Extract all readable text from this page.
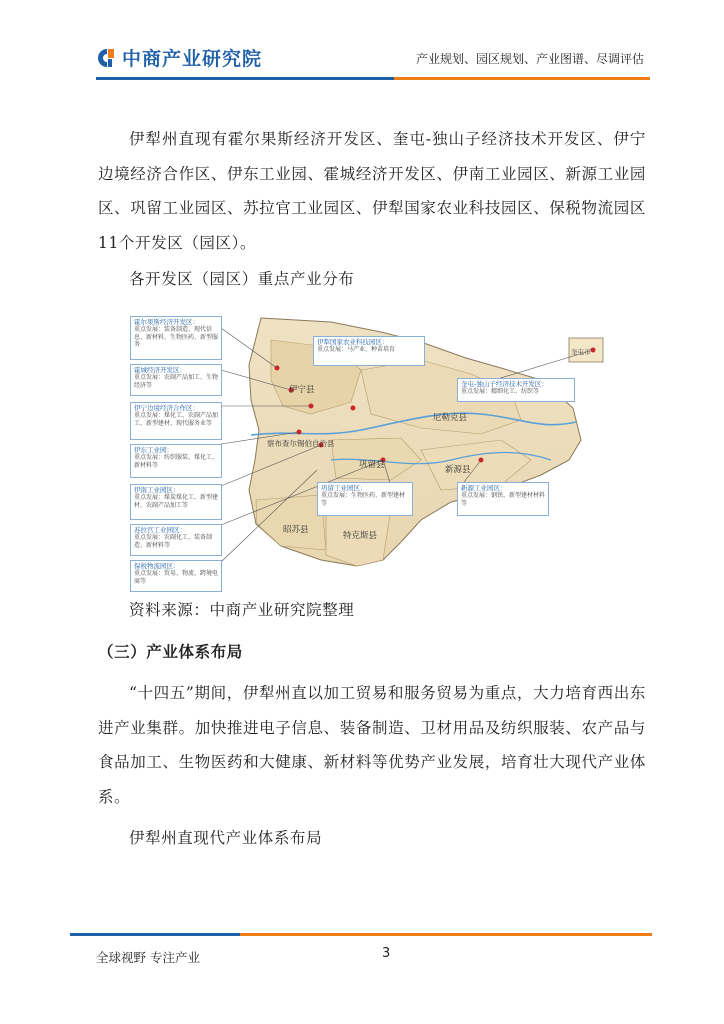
中商产业研究院	产业规划、园区规划、产业图谱、尽调评估

伊犁州直现有霍尔果斯经济开发区、奎屯-独山子经济技术开发区、伊宁边境经济合作区、伊东工业园、霍城经济开发区、伊南工业园区、新源工业园区、巩留工业园区、苏拉官工业园区、伊犁国家农业科技园区、保税物流园区11个开发区（园区）。

各开发区（园区）重点产业分布

伊宁县
尼勒克县
巩留县	新源县
昭苏县
特克斯县
察布查尔锡伯自治县
奎屯市
霍尔果斯经济开发区：
重点发展：装备制造、现代信息、新材料、生物医药、新型服务
霍城经济开发区：
重点发展：农副产品加工、生物经济等
伊宁边境经济合作区：
重点发展：煤化工、农副产品加工、新型建材、现代服务业等
伊东工业园：
重点发展：纺织服装、煤化工、新材料等
伊南工业园区：
重点发展：煤炭煤化工、新型建材、农副产品加工等
苏拉官工业园区：
重点发展：农副化工、装备制造、新材料等
保税物流园区：
重点发展：贸易、物流、跨境电商等
伊犁国家农业科技园区：
重点发展：马产业、种苗培育
奎屯-独山子经济技术开发区：
重点发展：精细化工、纺织等
巩留工业园区：
重点发展：生物医药、新型建材等
新源工业园区：
重点发展：钢铁、新型建材材料等
资料来源：中商产业研究院整理

（三）产业体系布局

“十四五”期间，伊犁州直以加工贸易和服务贸易为重点，大力培育西出东进产业集群。加快推进电子信息、装备制造、卫材用品及纺织服装、农产品与食品加工、生物医药和大健康、新材料等优势产业发展，培育壮大现代产业体系。

伊犁州直现代产业体系布局
全球视野 专注产业	3
